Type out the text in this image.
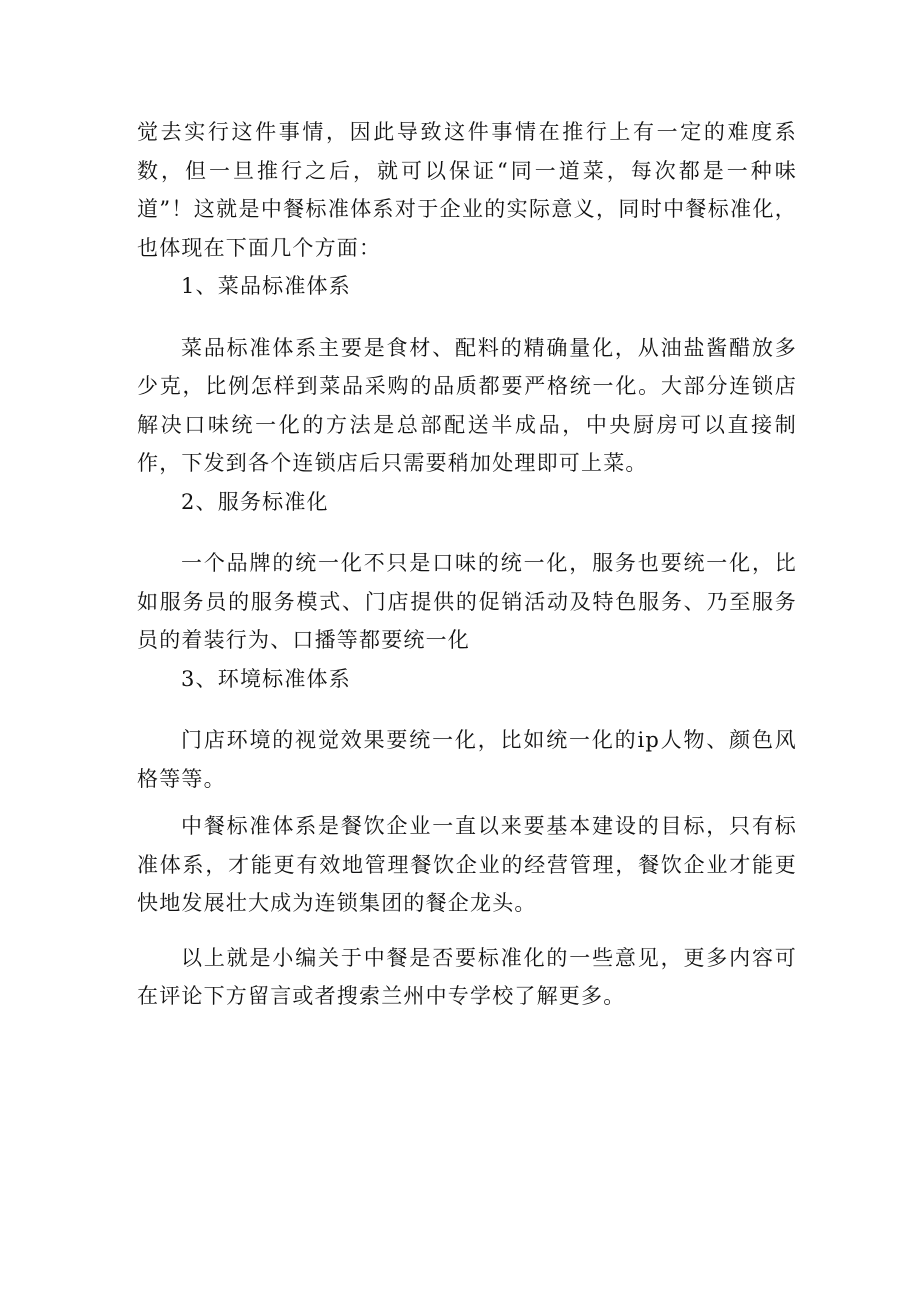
觉去实行这件事情，因此导致这件事情在推行上有一定的难度系数，但一旦推行之后，就可以保证“同一道菜，每次都是一种味道”！这就是中餐标准体系对于企业的实际意义，同时中餐标准化，也体现在下面几个方面：

1、菜品标准体系

菜品标准体系主要是食材、配料的精确量化，从油盐酱醋放多少克，比例怎样到菜品采购的品质都要严格统一化。大部分连锁店解决口味统一化的方法是总部配送半成品，中央厨房可以直接制作，下发到各个连锁店后只需要稍加处理即可上菜。

2、服务标准化

一个品牌的统一化不只是口味的统一化，服务也要统一化，比如服务员的服务模式、门店提供的促销活动及特色服务、乃至服务员的着装行为、口播等都要统一化

3、环境标准体系

门店环境的视觉效果要统一化，比如统一化的ip人物、颜色风格等等。

中餐标准体系是餐饮企业一直以来要基本建设的目标，只有标准体系，才能更有效地管理餐饮企业的经营管理，餐饮企业才能更快地发展壮大成为连锁集团的餐企龙头。

以上就是小编关于中餐是否要标准化的一些意见，更多内容可在评论下方留言或者搜索兰州中专学校了解更多。
